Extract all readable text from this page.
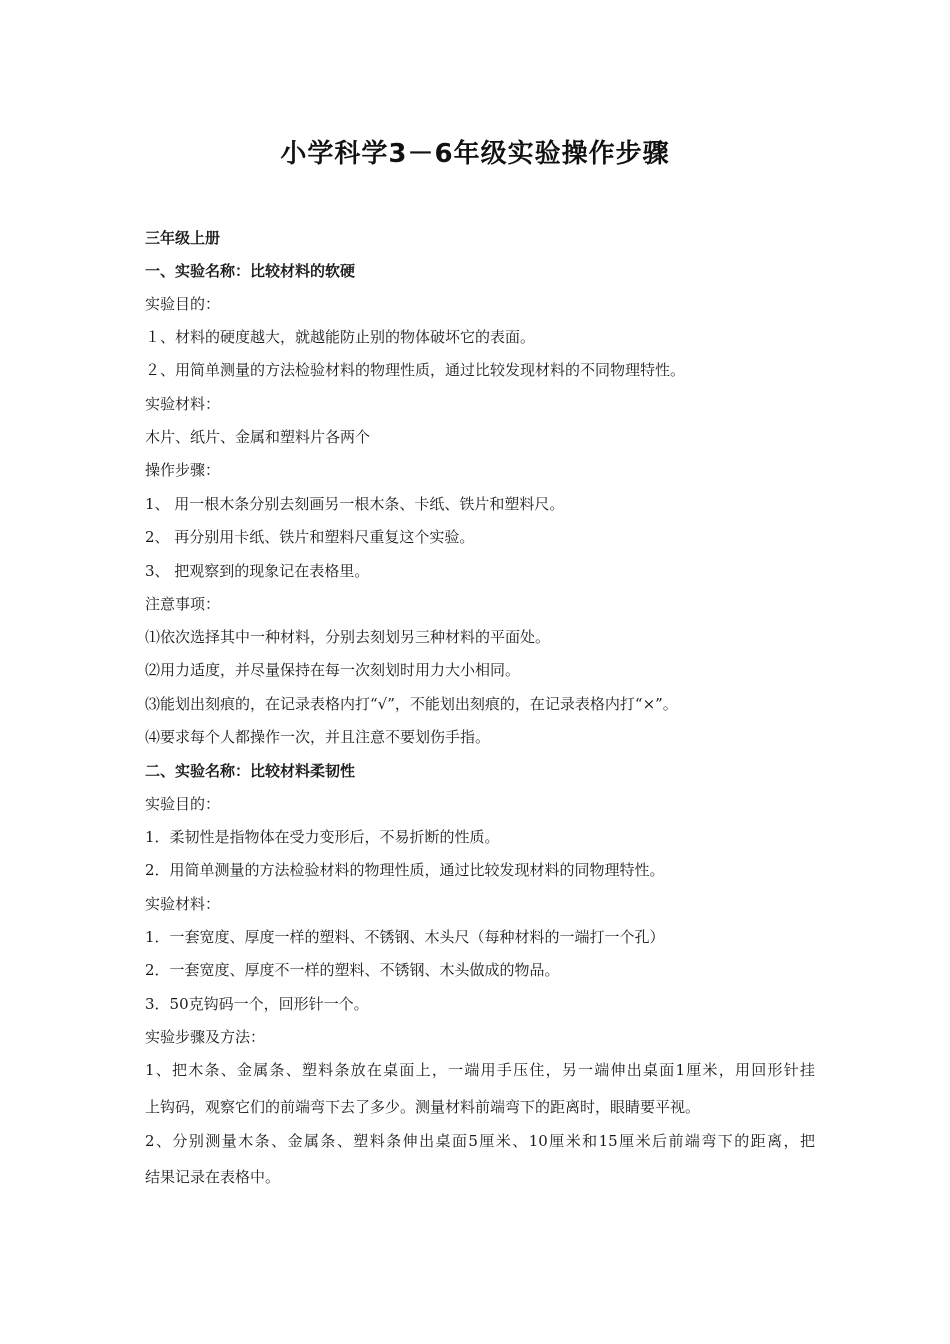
小学科学3－6年级实验操作步骤
三年级上册
一、实验名称：比较材料的软硬
实验目的：
１、材料的硬度越大，就越能防止别的物体破坏它的表面。
２、用简单测量的方法检验材料的物理性质，通过比较发现材料的不同物理特性。
实验材料：
木片、纸片、金属和塑料片各两个
操作步骤：
1、 用一根木条分别去刻画另一根木条、卡纸、铁片和塑料尺。
2、 再分别用卡纸、铁片和塑料尺重复这个实验。
3、 把观察到的现象记在表格里。
注意事项：
⑴依次选择其中一种材料，分别去刻划另三种材料的平面处。
⑵用力适度，并尽量保持在每一次刻划时用力大小相同。
⑶能划出刻痕的，在记录表格内打“√”，不能划出刻痕的，在记录表格内打“×”。
⑷要求每个人都操作一次，并且注意不要划伤手指。
二、实验名称：比较材料柔韧性
实验目的：
1．柔韧性是指物体在受力变形后，不易折断的性质。
2．用简单测量的方法检验材料的物理性质，通过比较发现材料的同物理特性。
实验材料：
1．一套宽度、厚度一样的塑料、不锈钢、木头尺（每种材料的一端打一个孔）
2．一套宽度、厚度不一样的塑料、不锈钢、木头做成的物品。
3．50克钩码一个，回形针一个。
实验步骤及方法：
1、把木条、金属条、塑料条放在桌面上，一端用手压住，另一端伸出桌面1厘米，用回形针挂
上钩码，观察它们的前端弯下去了多少。测量材料前端弯下的距离时，眼睛要平视。
2、分别测量木条、金属条、塑料条伸出桌面5厘米、10厘米和15厘米后前端弯下的距离，把
结果记录在表格中。
